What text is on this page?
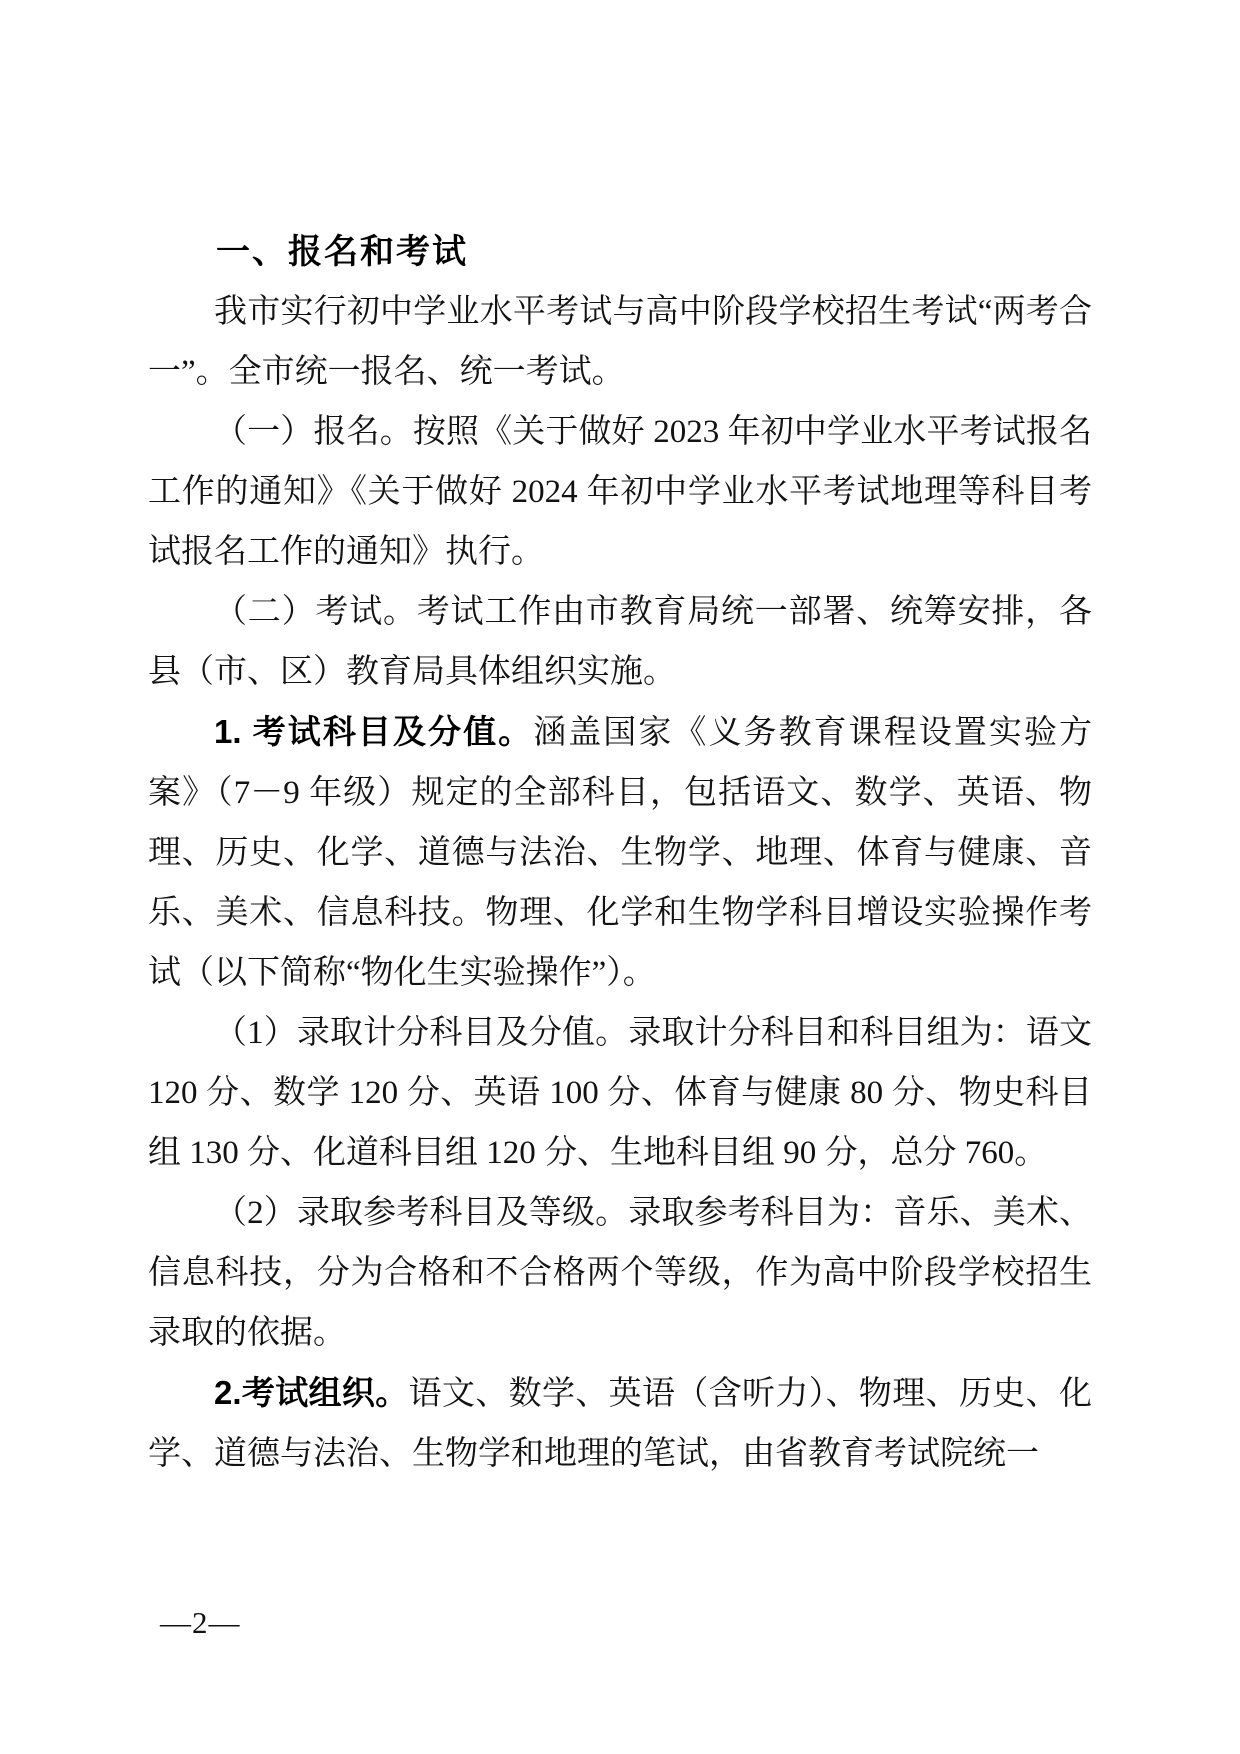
一、报名和考试

我市实行初中学业水平考试与高中阶段学校招生考试“两考合一”。全市统一报名、统一考试。

（一）报名。按照《关于做好 2023 年初中学业水平考试报名工作的通知》《关于做好 2024 年初中学业水平考试地理等科目考试报名工作的通知》执行。

（二）考试。考试工作由市教育局统一部署、统筹安排，各县（市、区）教育局具体组织实施。

1. 考试科目及分值。涵盖国家《义务教育课程设置实验方案》（7－9 年级）规定的全部科目，包括语文、数学、英语、物理、历史、化学、道德与法治、生物学、地理、体育与健康、音乐、美术、信息科技。物理、化学和生物学科目增设实验操作考试（以下简称“物化生实验操作”）。

（1）录取计分科目及分值。录取计分科目和科目组为：语文 120 分、数学 120 分、英语 100 分、体育与健康 80 分、物史科目组 130 分、化道科目组 120 分、生地科目组 90 分，总分 760。

（2）录取参考科目及等级。录取参考科目为：音乐、美术、信息科技，分为合格和不合格两个等级，作为高中阶段学校招生录取的依据。

2.考试组织。语文、数学、英语（含听力）、物理、历史、化学、道德与法治、生物学和地理的笔试，由省教育考试院统一

—2—
